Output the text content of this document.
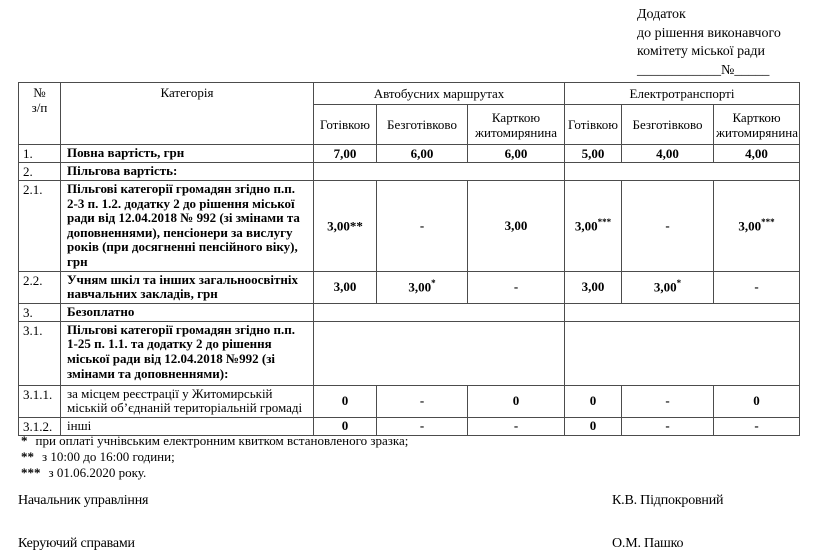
Додаток
до рішення виконавчого
комітету міської ради
____________№_____
№
з/п	Категорія	Автобусних маршрутах			Електротранспорті		
		Готівкою	Безготівково	Карткою житомирянина	Готівкою	Безготівково	Карткою житомирянина
1.	Повна вартість, грн	7,00	6,00	6,00	5,00	4,00	4,00
2.	Пільгова вартість:						
2.1.	Пільгові категорії громадян згідно п.п. 2-3 п. 1.2. додатку 2 до рішення міської ради від 12.04.2018 № 992 (зі змінами та доповненнями), пенсіонери за вислугу років (при досягненні пенсійного віку), грн	3,00**	-	3,00	3,00***	-	3,00***
2.2.	Учням шкіл та інших загальноосвітніх навчальних закладів, грн	3,00	3,00*	-	3,00	3,00*	-
3.	Безоплатно						
3.1.	Пільгові категорії громадян згідно п.п. 1-25 п. 1.1. та додатку 2 до рішення міської ради від 12.04.2018 №992 (зі змінами та доповненнями):						
3.1.1.	за місцем реєстрації у Житомирській міській об’єднаній територіальній громаді	0	-	0	0	-	0
3.1.2.	інші	0	-	-	0	-	-
* при оплаті учнівським електронним квитком встановленого зразка;
** з 10:00 до 16:00 години;
*** з 01.06.2020 року.
Начальник управління	К.В. Підпокровний
Керуючий справами	О.М. Пашко
